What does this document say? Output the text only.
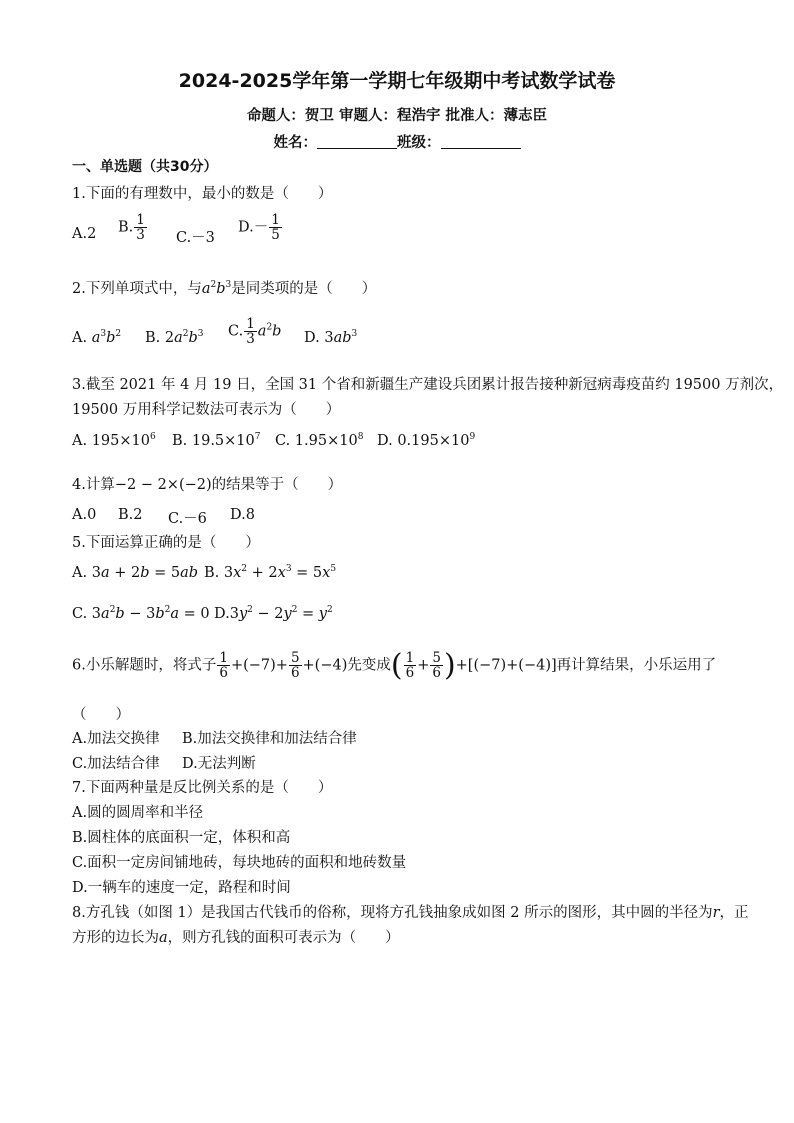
2024-2025学年第一学期七年级期中考试数学试卷
命题人：贺卫 审题人：程浩宇 批准人：薄志臣
姓名：	班级：
一、单选题（共30分）
1.下面的有理数中，最小的数是（　　）
A.2 B. $\frac{1}{3} C.-3$
$D.- \frac{1}{5}$
2.下列单项式中，与$a^2b^3$是同类项的是（　　）
A. $a^3b^2$ B. $2a^2b^3$ C. $\frac{1}{3} a^2b$ D. $3ab^3$
3.截至 2021 年 4 月 19 日，全国 31 个省和新疆生产建设兵团累计报告接种新冠病毒疫苗约 19500 万剂次，
19500 万用科学记数法可表示为（　　）
A. $195\times 10^6$ B. $19.5\times 10^7$ C. $1.95\times 10^8$ D. $0.195\times 10^9$
4.计算−2 − 2×(−2)的结果等于（　　）
A.0 B.2 C.－6 D.8
5.下面运算正确的是（　　）
A. 3a + 2b = 5ab B. $3x^2 + 2x^3 = 5x^5$
C. $3a^2b - 3b^2a = 0$ $D.3y^2 - 2y^2 = y^2$
6.小乐解题时，将式子 $\frac{1}{6} +(-7)+ \frac{5}{6} +(-4)$先变成( $\frac{1}{6} + \frac{5}{6} )+[(-7)+(-4)]$再计算结果，小乐运用了
（　　）
A.加法交换律 B.加法交换律和加法结合律
C.加法结合律 D.无法判断
7.下面两种量是反比例关系的是（　　）
A.圆的圆周率和半径
B.圆柱体的底面积一定，体积和高
C.面积一定房间铺地砖，每块地砖的面积和地砖数量
D.一辆车的速度一定，路程和时间
8.方孔钱（如图 1）是我国古代钱币的俗称，现将方孔钱抽象成如图 2 所示的图形，其中圆的半径为r，正
方形的边长为a，则方孔钱的面积可表示为（　　）
